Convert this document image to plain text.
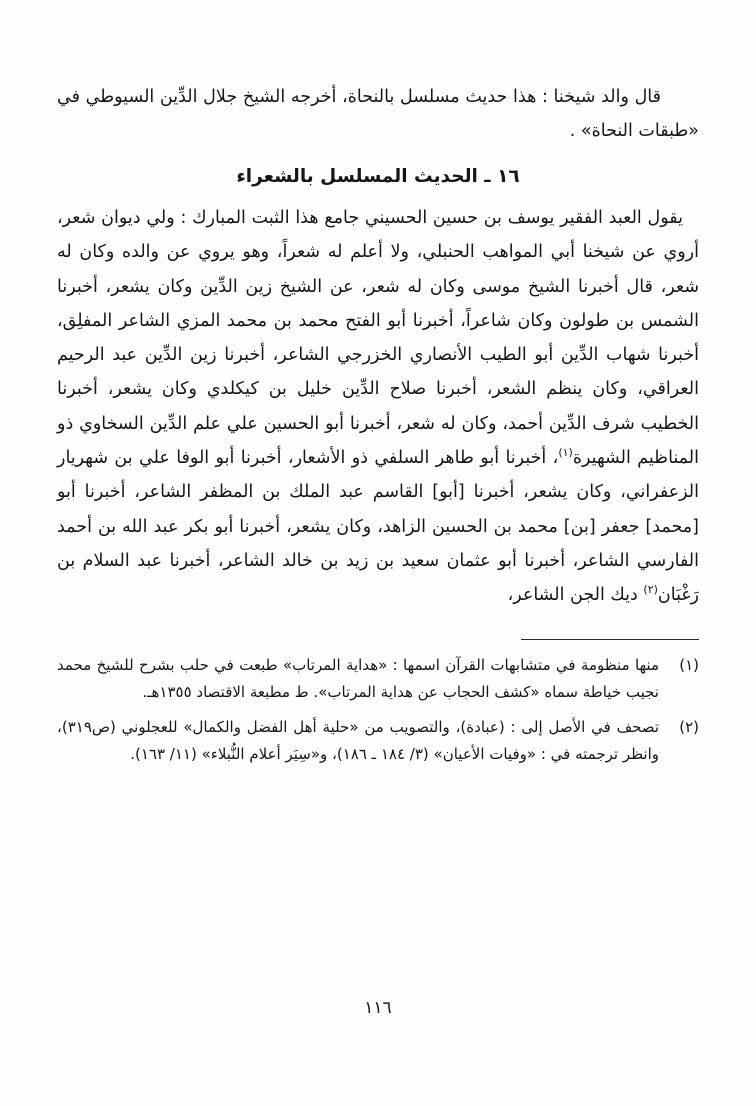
قال والد شيخنا : هذا حديث مسلسل بالنحاة، أخرجه الشيخ جلال الدِّين السيوطي في «طبقات النحاة» .

١٦ ـ الحديث المسلسل بالشعراء

يقول العبد الفقير يوسف بن حسين الحسيني جامع هذا الثبت المبارك : ولي ديوان شعر، أروي عن شيخنا أبي المواهب الحنبلي، ولا أعلم له شعراً، وهو يروي عن والده وكان له شعر، قال أخبرنا الشيخ موسى وكان له شعر، عن الشيخ زين الدِّين وكان يشعر، أخبرنا الشمس بن طولون وكان شاعراً، أخبرنا أبو الفتح محمد بن محمد المزي الشاعر المفلِق، أخبرنا شهاب الدِّين أبو الطيب الأنصاري الخزرجي الشاعر، أخبرنا زين الدِّين عبد الرحيم العراقي، وكان ينظم الشعر، أخبرنا صلاح الدِّين خليل بن كيكلدي وكان يشعر، أخبرنا الخطيب شرف الدِّين أحمد، وكان له شعر، أخبرنا أبو الحسين علي علم الدِّين السخاوي ذو المناظيم الشهيرة$^{(١)}$، أخبرنا أبو طاهر السلفي ذو الأشعار، أخبرنا أبو الوفا علي بن شهريار الزعفراني، وكان يشعر، أخبرنا [أبو] القاسم عبد الملك بن المظفر الشاعر، أخبرنا أبو [محمد] جعفر [بن] محمد بن الحسين الزاهد، وكان يشعر، أخبرنا أبو بكر عبد الله بن أحمد الفارسي الشاعر، أخبرنا أبو عثمان سعيد بن زيد بن خالد الشاعر، أخبرنا عبد السلام بن رَغْبَان$^{(٢)}$ ديك الجن الشاعر،

(١)
منها منظومة في متشابهات القرآن اسمها : «هداية المرتاب» طبعت في حلب بشرح للشيخ محمد نجيب خياطة سماه «كشف الحجاب عن هداية المرتاب». ط مطبعة الاقتصاد ١٣٥٥هـ.
(٢)
تصحف في الأصل إلى : (عبادة)، والتصويب من «حلية أهل الفضل والكمال» للعجلوني (ص٣١٩)، وانظر ترجمته في : «وفيات الأعيان» (٣/ ١٨٤ ـ ١٨٦)، و«سِيَر أعلام النُّبلاء» (١١/ ١٦٣).
١١٦
